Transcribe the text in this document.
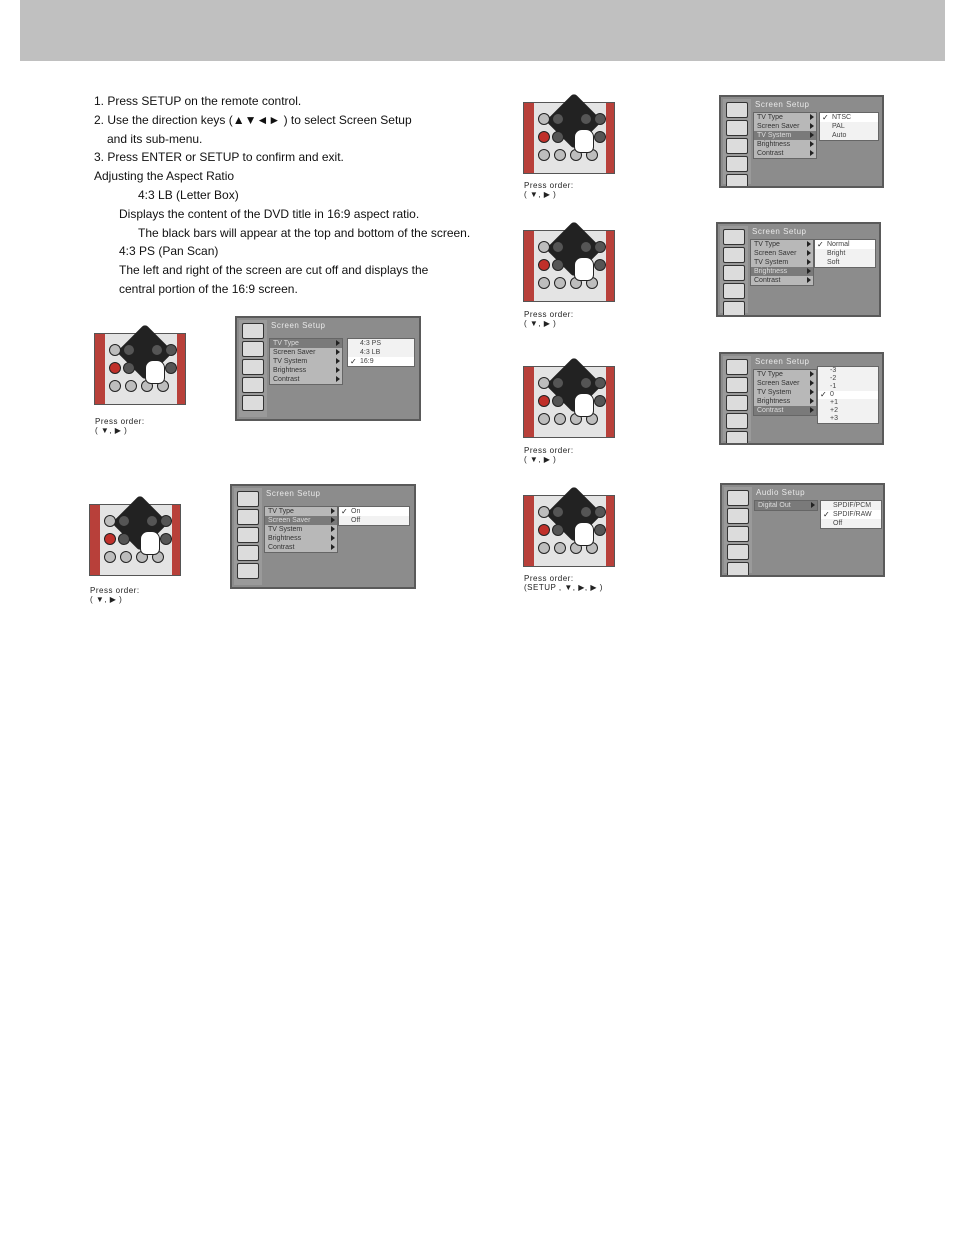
1. Press SETUP on the remote control.
2. Use the direction keys (▲▼◄► ) to select Screen Setup
and its sub-menu.
3. Press ENTER or SETUP to confirm and exit.
Adjusting the Aspect Ratio
4:3 LB (Letter Box)
Displays the content of the DVD title in 16:9 aspect ratio.
The black bars will appear at the top and bottom of the screen.
4:3 PS (Pan Scan)
The left and right of the screen are cut off and displays the
central portion of the 16:9 screen.
Press order:
( ▼, ▶ )
Press order:
( ▼, ▶ )
Press order:
( ▼, ▶ )
Press order:
( ▼, ▶ )
Press order:
( ▼, ▶ )
Press order:
(SETUP , ▼, ▶, ▶ )
Screen Setup
TV Type
Screen Saver
TV System
Brightness
Contrast
4:3 PS
4:3 LB
✓ 16:9
Screen Setup
TV Type
Screen Saver
TV System
Brightness
Contrast
✓ On
Off
Screen Setup
TV Type
Screen Saver
TV System
Brightness
Contrast
✓ NTSC
PAL
Auto
Screen Setup
TV Type
Screen Saver
TV System
Brightness
Contrast
✓ Normal
Bright
Soft
Screen Setup
TV Type
Screen Saver
TV System
Brightness
Contrast
-3
-2
-1
✓ 0
+1
+2
+3
Audio Setup
Digital Out	SPDIF/PCM
✓ SPDIF/RAW
Off
